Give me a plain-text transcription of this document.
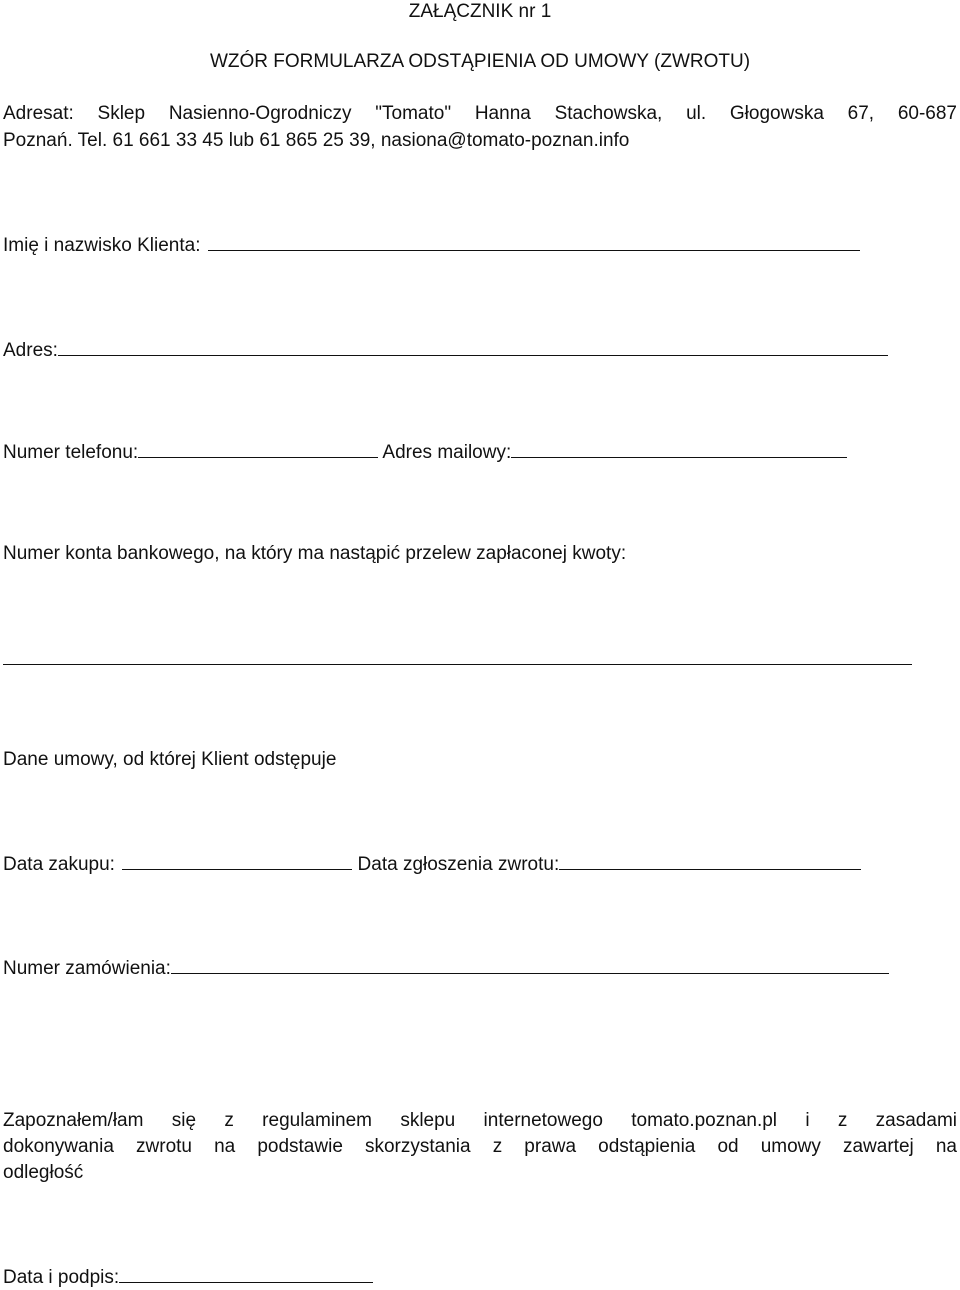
ZAŁĄCZNIK nr 1
WZÓR FORMULARZA ODSTĄPIENIA OD UMOWY (ZWROTU)
Adresat: Sklep Nasienno-Ogrodniczy "Tomato" Hanna Stachowska, ul. Głogowska 67, 60-687
Poznań. Tel. 61 661 33 45 lub 61 865 25 39, nasiona@tomato-poznan.info
Imię i nazwisko Klienta:
Adres:
Numer telefonu:	Adres mailowy:
Numer konta bankowego, na który ma nastąpić przelew zapłaconej kwoty:
Dane umowy, od której Klient odstępuje
Data zakupu:	Data zgłoszenia zwrotu:
Numer zamówienia:
Zapoznałem/łam się z regulaminem sklepu internetowego tomato.poznan.pl i z zasadami
dokonywania zwrotu na podstawie skorzystania z prawa odstąpienia od umowy zawartej na
odległość
Data i podpis:
